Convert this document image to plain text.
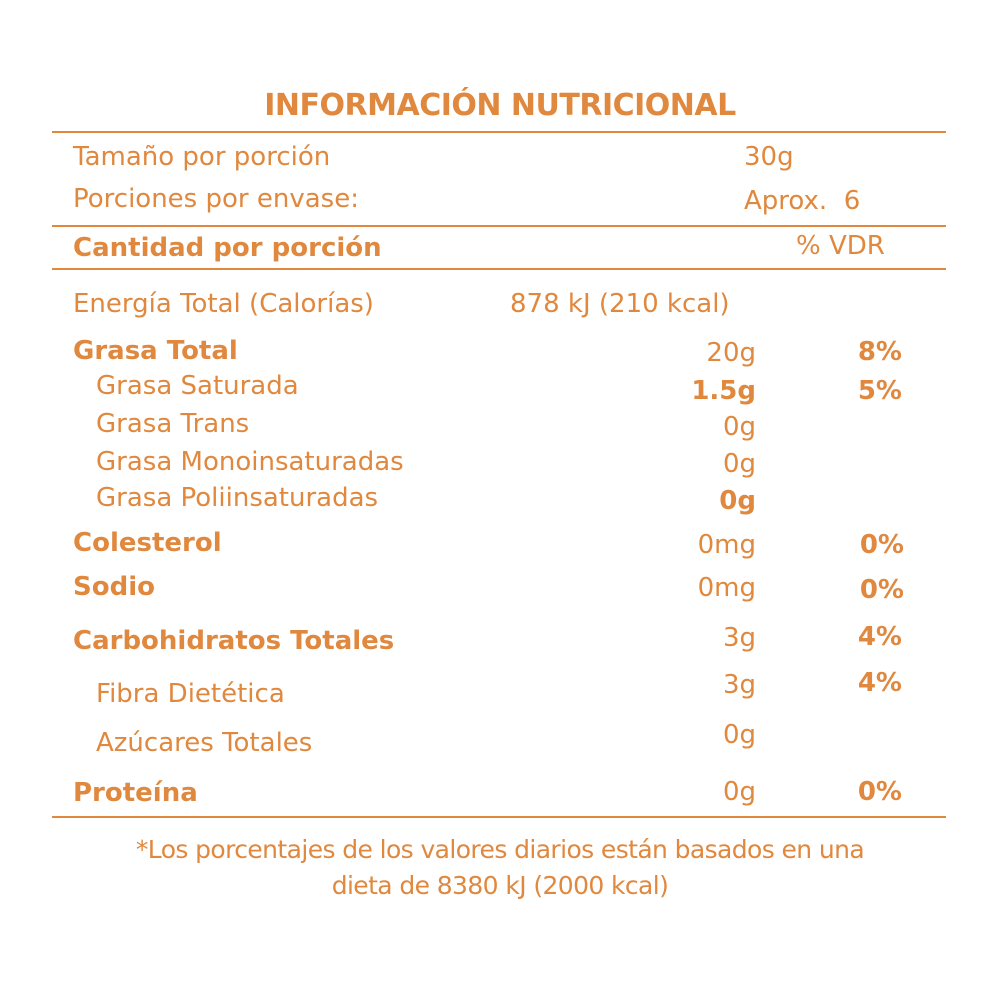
INFORMACIÓN NUTRICIONAL
Tamaño por porción	30g
Porciones por envase:	Aprox.  6
Cantidad por porción	% VDR
Energía Total (Calorías)	878 kJ (210 kcal)
Grasa Total	20g	8%
Grasa Saturada	1.5g	5%
Grasa Trans	0g
Grasa Monoinsaturadas	0g
Grasa Poliinsaturadas	0g
Colesterol	0mg	0%
Sodio	0mg	0%
Carbohidratos Totales	3g	4%
Fibra Dietética	3g	4%
Azúcares Totales	0g
Proteína	0g	0%
*Los porcentajes de los valores diarios están basados en una
dieta de 8380 kJ (2000 kcal)
